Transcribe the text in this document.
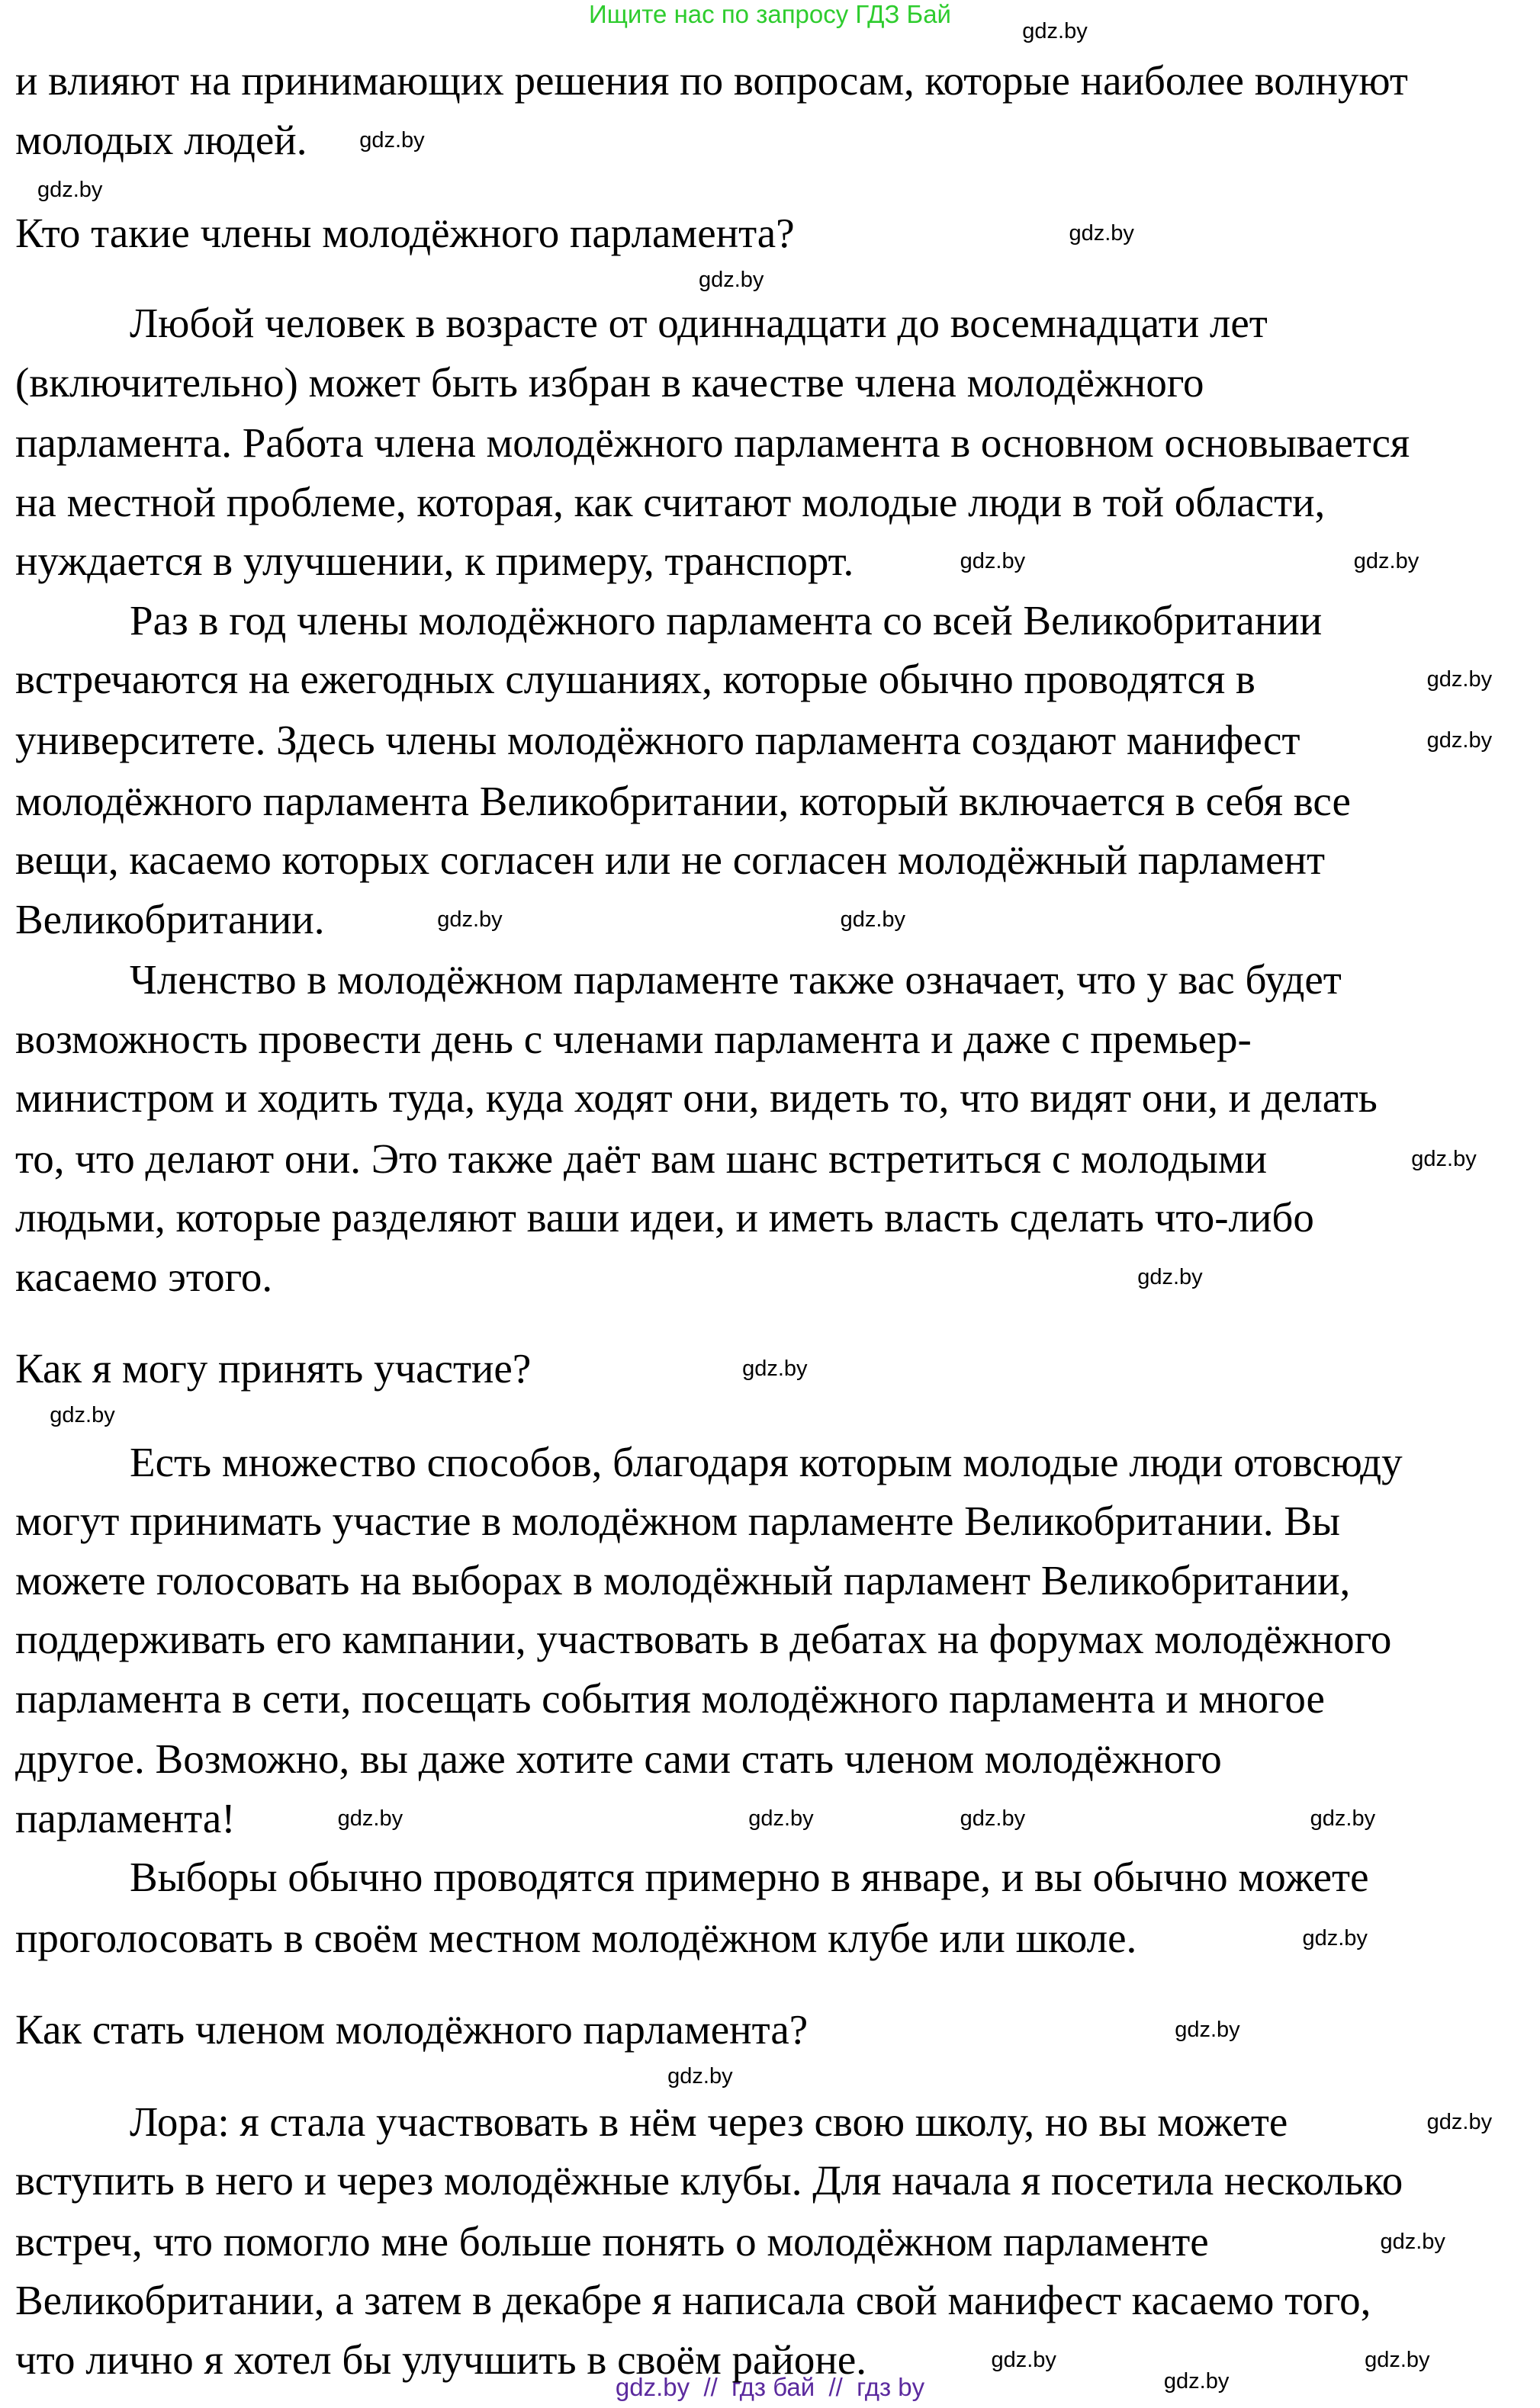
Ищите нас по запросу ГДЗ Бай
и влияют на принимающих решения по вопросам, которые наиболее волнуют
молодых людей.
Кто такие члены молодёжного парламента?
Любой человек в возрасте от одиннадцати до восемнадцати лет
(включительно) может быть избран в качестве члена молодёжного
парламента. Работа члена молодёжного парламента в основном основывается
на местной проблеме, которая, как считают молодые люди в той области,
нуждается в улучшении, к примеру, транспорт.
Раз в год члены молодёжного парламента со всей Великобритании
встречаются на ежегодных слушаниях, которые обычно проводятся в
университете. Здесь члены молодёжного парламента создают манифест
молодёжного парламента Великобритании, который включается в себя все
вещи, касаемо которых согласен или не согласен молодёжный парламент
Великобритании.
Членство в молодёжном парламенте также означает, что у вас будет
возможность провести день с членами парламента и даже с премьер-
министром и ходить туда, куда ходят они, видеть то, что видят они, и делать
то, что делают они. Это также даёт вам шанс встретиться с молодыми
людьми, которые разделяют ваши идеи, и иметь власть сделать что-либо
касаемо этого.
Как я могу принять участие?
Есть множество способов, благодаря которым молодые люди отовсюду
могут принимать участие в молодёжном парламенте Великобритании. Вы
можете голосовать на выборах в молодёжный парламент Великобритании,
поддерживать его кампании, участвовать в дебатах на форумах молодёжного
парламента в сети, посещать события молодёжного парламента и многое
другое. Возможно, вы даже хотите сами стать членом молодёжного
парламента!
Выборы обычно проводятся примерно в январе, и вы обычно можете
проголосовать в своём местном молодёжном клубе или школе.
Как стать членом молодёжного парламента?
Лора: я стала участвовать в нём через свою школу, но вы можете
вступить в него и через молодёжные клубы. Для начала я посетила несколько
встреч, что помогло мне больше понять о молодёжном парламенте
Великобритании, а затем в декабре я написала свой манифест касаемо того,
что лично я хотел бы улучшить в своём районе.
gdz.by
gdz.by
gdz.by
gdz.by
gdz.by
gdz.by	gdz.by
gdz.by
gdz.by
gdz.by	gdz.by
gdz.by
gdz.by
gdz.by
gdz.by
gdz.by
gdz.by
gdz.by
gdz.by	gdz.by
gdz.by
gdz.by
gdz.by
gdz.by
gdz.by	gdz.by
gdz.by
gdz.by  //  гдз бай  //  гдз by
